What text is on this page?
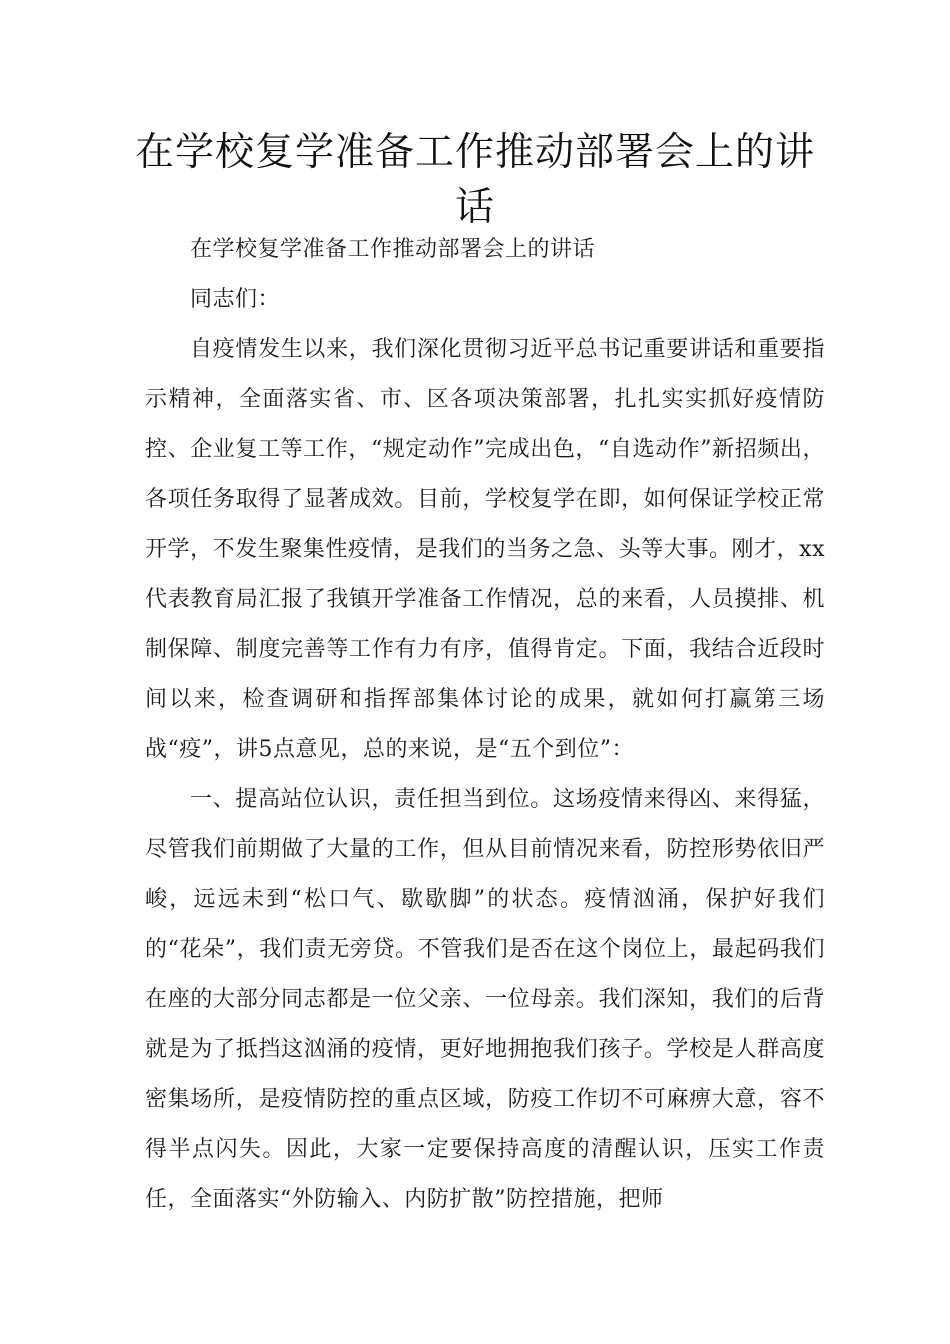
在学校复学准备工作推动部署会上的讲话

在学校复学准备工作推动部署会上的讲话

同志们：

自疫情发生以来，我们深化贯彻习近平总书记重要讲话和重要指示精神，全面落实省、市、区各项决策部署，扎扎实实抓好疫情防控、企业复工等工作，“规定动作”完成出色，“自选动作”新招频出，各项任务取得了显著成效。目前，学校复学在即，如何保证学校正常开学，不发生聚集性疫情，是我们的当务之急、头等大事。刚才，xx代表教育局汇报了我镇开学准备工作情况，总的来看，人员摸排、机制保障、制度完善等工作有力有序，值得肯定。下面，我结合近段时间以来，检查调研和指挥部集体讨论的成果，就如何打赢第三场战“疫”，讲5点意见，总的来说，是“五个到位”：

一、提高站位认识，责任担当到位。这场疫情来得凶、来得猛，尽管我们前期做了大量的工作，但从目前情况来看，防控形势依旧严峻，远远未到“松口气、歇歇脚”的状态。疫情汹涌，保护好我们的“花朵”，我们责无旁贷。不管我们是否在这个岗位上，最起码我们在座的大部分同志都是一位父亲、一位母亲。我们深知，我们的后背就是为了抵挡这汹涌的疫情，更好地拥抱我们孩子。学校是人群高度密集场所，是疫情防控的重点区域，防疫工作切不可麻痹大意，容不得半点闪失。因此，大家一定要保持高度的清醒认识，压实工作责任，全面落实“外防输入、内防扩散”防控措施，把师
